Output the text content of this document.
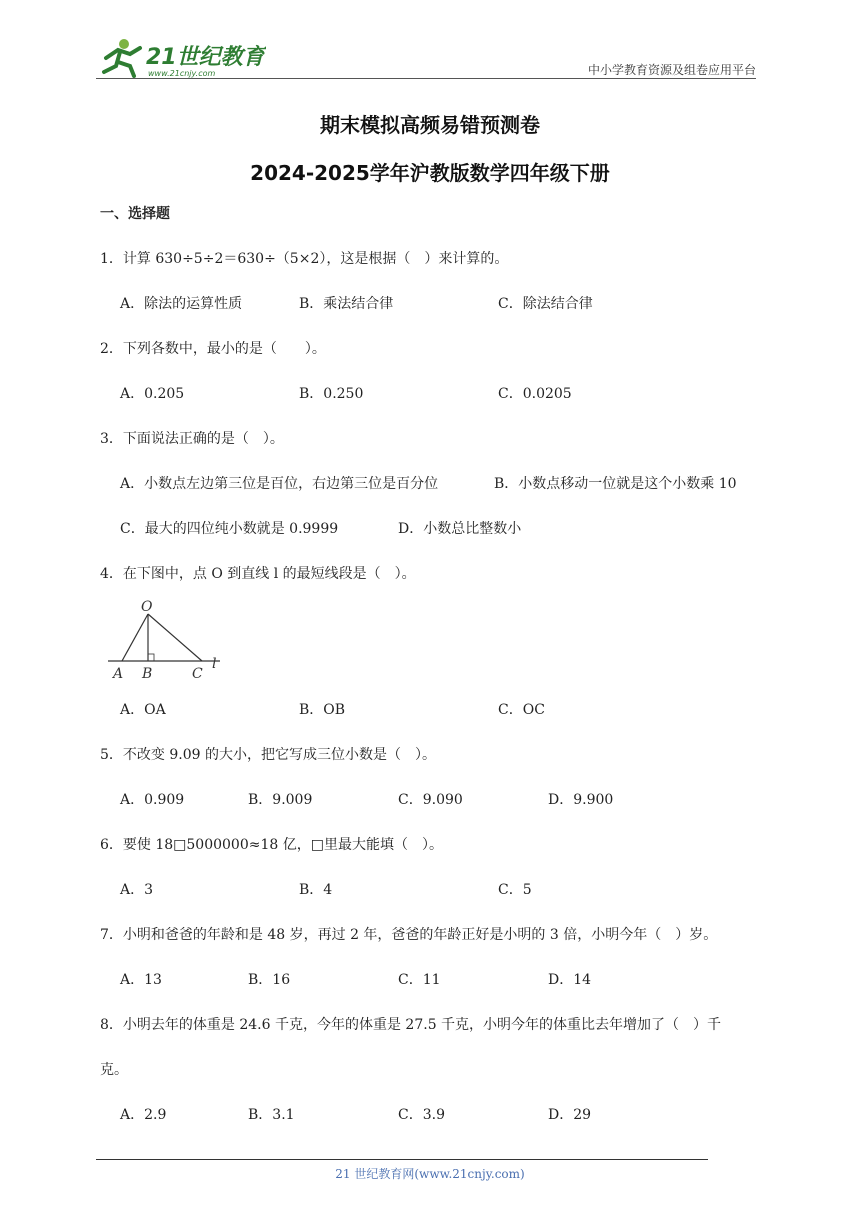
21世纪教育
www.21cnjy.com	中小学教育资源及组卷应用平台
期末模拟高频易错预测卷
2024-2025学年沪教版数学四年级下册
一、选择题
1．计算 630÷5÷2＝630÷（5×2），这是根据（　）来计算的。
A．除法的运算性质	B．乘法结合律	C．除法结合律
2．下列各数中，最小的是（　　）。
A．0.205	B．0.250	C．0.0205
3．下面说法正确的是（　）。
A．小数点左边第三位是百位，右边第三位是百分位	B．小数点移动一位就是这个小数乘 10
C．最大的四位纯小数就是 0.9999	D．小数总比整数小
4．在下图中，点 O 到直线 l 的最短线段是（　）。
O
A B	C
l
A．OA	B．OB	C．OC
5．不改变 9.09 的大小，把它写成三位小数是（　）。
A．0.909	B．9.009	C．9.090	D．9.900
6．要使 18□5000000≈18 亿，□里最大能填（　）。
A．3	B．4	C．5
7．小明和爸爸的年龄和是 48 岁，再过 2 年，爸爸的年龄正好是小明的 3 倍，小明今年（　）岁。
A．13	B．16	C．11	D．14
8．小明去年的体重是 24.6 千克，今年的体重是 27.5 千克，小明今年的体重比去年增加了（　）千
克。
A．2.9	B．3.1	C．3.9	D．29
21 世纪教育网(www.21cnjy.com)
